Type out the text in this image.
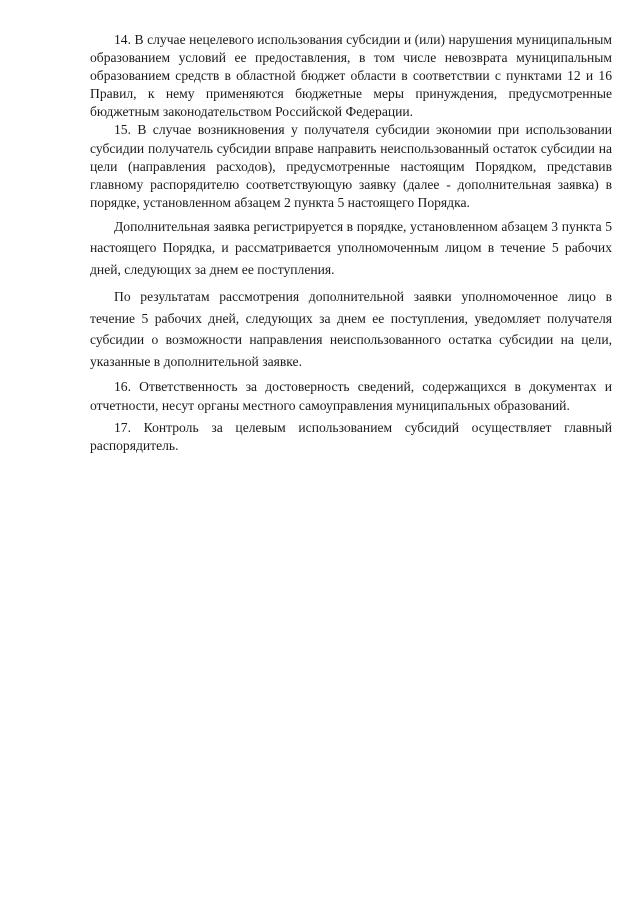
14. В случае нецелевого использования субсидии и (или) нарушения муниципальным образованием условий ее предоставления, в том числе невозврата муниципальным образованием средств в областной бюджет области в соответствии с пунктами 12 и 16 Правил, к нему применяются бюджетные меры принуждения, предусмотренные бюджетным законодательством Российской Федерации.

15. В случае возникновения у получателя субсидии экономии при использовании субсидии получатель субсидии вправе направить неиспользованный остаток субсидии на цели (направления расходов), предусмотренные настоящим Порядком, представив главному распорядителю соответствующую заявку (далее - дополнительная заявка) в порядке, установленном абзацем 2 пункта 5 настоящего Порядка.

Дополнительная заявка регистрируется в порядке, установленном абзацем 3 пункта 5 настоящего Порядка, и рассматривается уполномоченным лицом в течение 5 рабочих дней, следующих за днем ее поступления.

По результатам рассмотрения дополнительной заявки уполномоченное лицо в течение 5 рабочих дней, следующих за днем ее поступления, уведомляет получателя субсидии о возможности направления неиспользованного остатка субсидии на цели, указанные в дополнительной заявке.

16. Ответственность за достоверность сведений, содержащихся в документах и отчетности, несут органы местного самоуправления муниципальных образований.

17. Контроль за целевым использованием субсидий осуществляет главный распорядитель.
